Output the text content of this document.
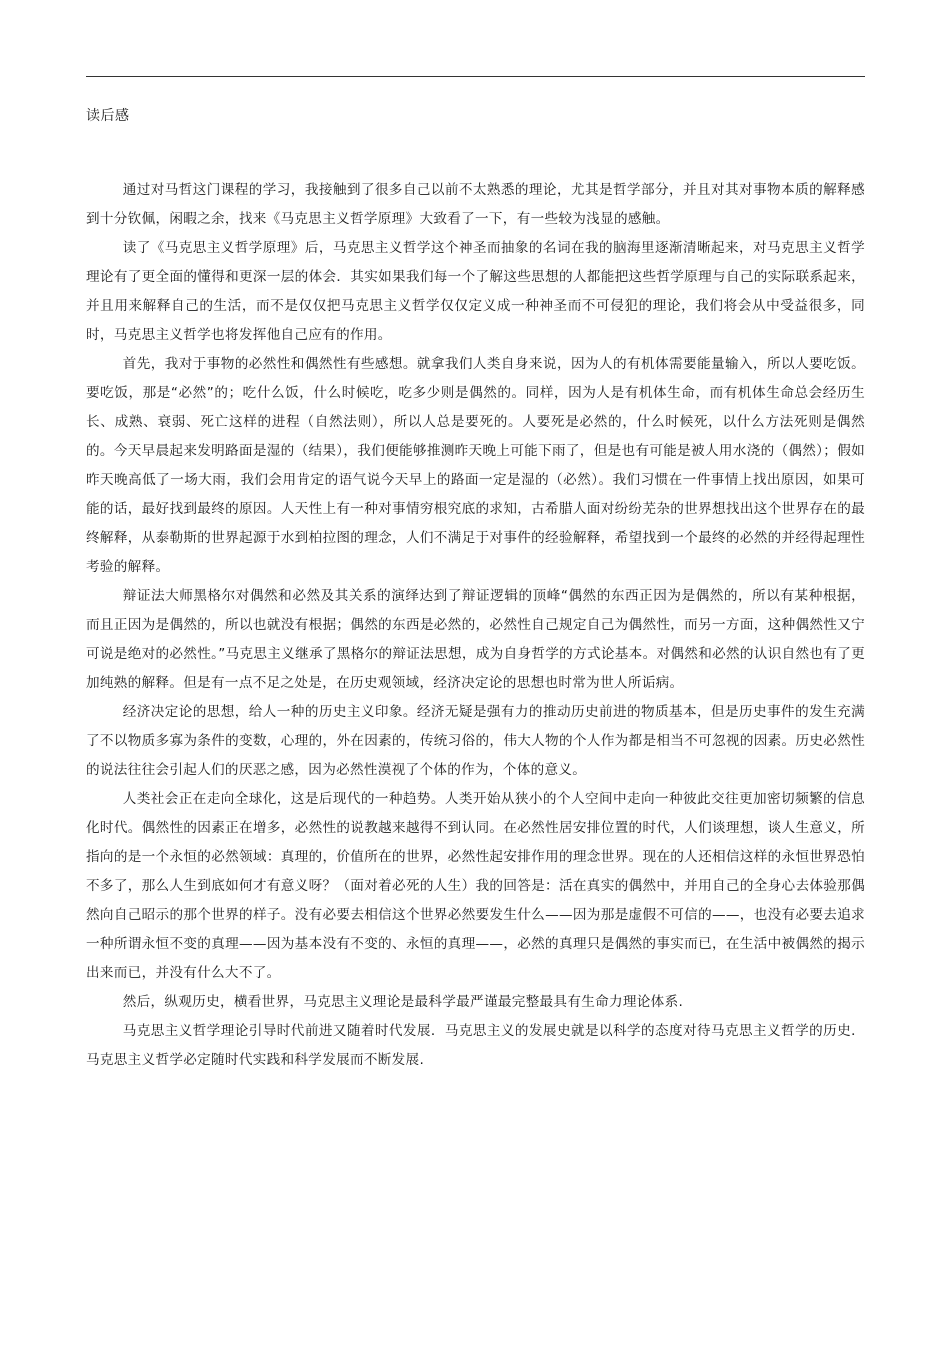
读后感

通过对马哲这门课程的学习，我接触到了很多自己以前不太熟悉的理论，尤其是哲学部分，并且对其对事物本质的解释感到十分钦佩，闲暇之余，找来《马克思主义哲学原理》大致看了一下，有一些较为浅显的感触。

读了《马克思主义哲学原理》后，马克思主义哲学这个神圣而抽象的名词在我的脑海里逐渐清晰起来，对马克思主义哲学理论有了更全面的懂得和更深一层的体会．其实如果我们每一个了解这些思想的人都能把这些哲学原理与自己的实际联系起来，并且用来解释自己的生活，而不是仅仅把马克思主义哲学仅仅定义成一种神圣而不可侵犯的理论，我们将会从中受益很多，同时，马克思主义哲学也将发挥他自己应有的作用。

首先，我对于事物的必然性和偶然性有些感想。就拿我们人类自身来说，因为人的有机体需要能量输入，所以人要吃饭。要吃饭，那是“必然”的；吃什么饭，什么时候吃，吃多少则是偶然的。同样，因为人是有机体生命，而有机体生命总会经历生长、成熟、衰弱、死亡这样的进程（自然法则），所以人总是要死的。人要死是必然的，什么时候死，以什么方法死则是偶然的。今天早晨起来发明路面是湿的（结果），我们便能够推测昨天晚上可能下雨了，但是也有可能是被人用水浇的（偶然）；假如昨天晚高低了一场大雨，我们会用肯定的语气说今天早上的路面一定是湿的（必然）。我们习惯在一件事情上找出原因，如果可能的话，最好找到最终的原因。人天性上有一种对事情穷根究底的求知，古希腊人面对纷纷芜杂的世界想找出这个世界存在的最终解释，从泰勒斯的世界起源于水到柏拉图的理念，人们不满足于对事件的经验解释，希望找到一个最终的必然的并经得起理性考验的解释。

辩证法大师黑格尔对偶然和必然及其关系的演绎达到了辩证逻辑的顶峰“偶然的东西正因为是偶然的，所以有某种根据，而且正因为是偶然的，所以也就没有根据；偶然的东西是必然的，必然性自己规定自己为偶然性，而另一方面，这种偶然性又宁可说是绝对的必然性。”马克思主义继承了黑格尔的辩证法思想，成为自身哲学的方式论基本。对偶然和必然的认识自然也有了更加纯熟的解释。但是有一点不足之处是，在历史观领域，经济决定论的思想也时常为世人所诟病。

经济决定论的思想，给人一种的历史主义印象。经济无疑是强有力的推动历史前进的物质基本，但是历史事件的发生充满了不以物质多寡为条件的变数，心理的，外在因素的，传统习俗的，伟大人物的个人作为都是相当不可忽视的因素。历史必然性的说法往往会引起人们的厌恶之感，因为必然性漠视了个体的作为，个体的意义。

人类社会正在走向全球化，这是后现代的一种趋势。人类开始从狭小的个人空间中走向一种彼此交往更加密切频繁的信息化时代。偶然性的因素正在增多，必然性的说教越来越得不到认同。在必然性居安排位置的时代，人们谈理想，谈人生意义，所指向的是一个永恒的必然领域：真理的，价值所在的世界，必然性起安排作用的理念世界。现在的人还相信这样的永恒世界恐怕不多了，那么人生到底如何才有意义呀？（面对着必死的人生）我的回答是：活在真实的偶然中，并用自己的全身心去体验那偶然向自己昭示的那个世界的样子。没有必要去相信这个世界必然要发生什么——因为那是虚假不可信的——，也没有必要去追求一种所谓永恒不变的真理——因为基本没有不变的、永恒的真理——，必然的真理只是偶然的事实而已，在生活中被偶然的揭示出来而已，并没有什么大不了。

然后，纵观历史，横看世界，马克思主义理论是最科学最严谨最完整最具有生命力理论体系.

马克思主义哲学理论引导时代前进又随着时代发展．马克思主义的发展史就是以科学的态度对待马克思主义哲学的历史．马克思主义哲学必定随时代实践和科学发展而不断发展.
